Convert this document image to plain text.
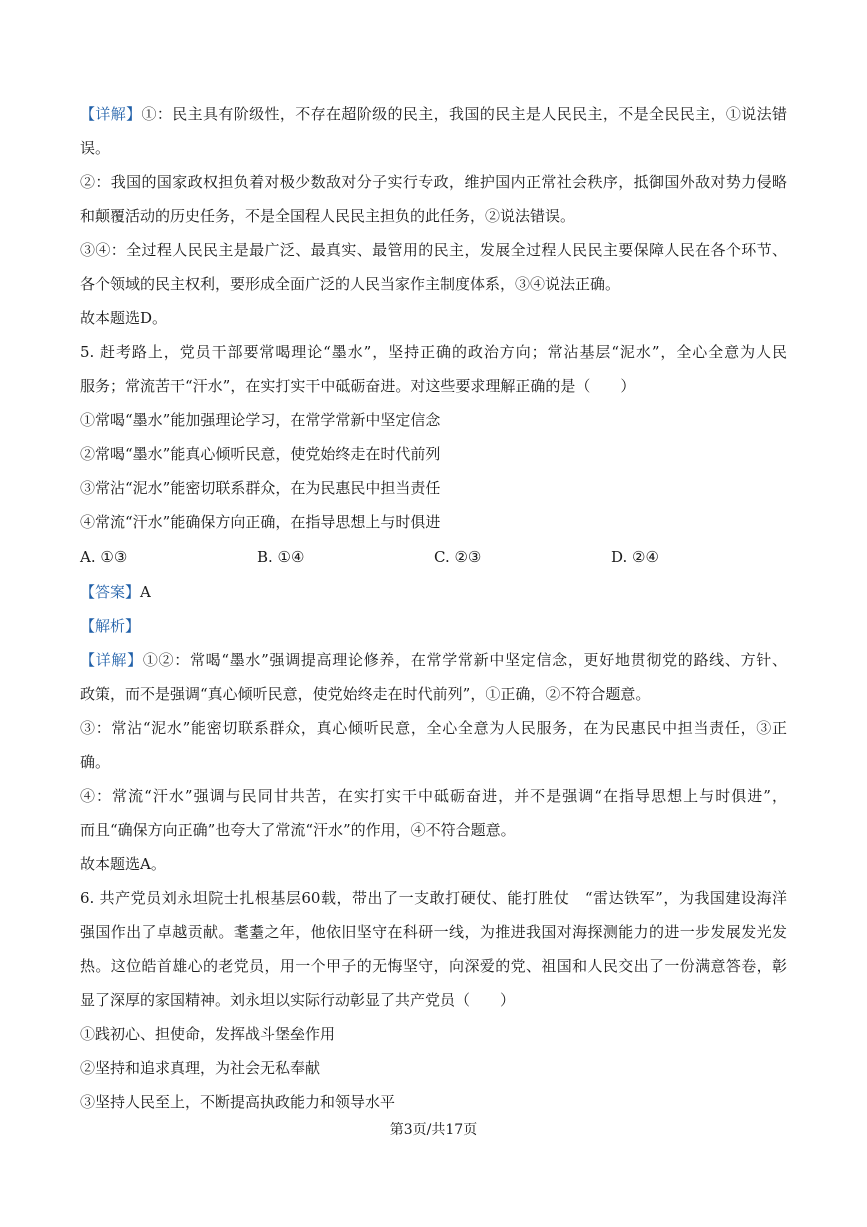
【详解】①：民主具有阶级性，不存在超阶级的民主，我国的民主是人民民主，不是全民民主，①说法错
误。
②：我国的国家政权担负着对极少数敌对分子实行专政，维护国内正常社会秩序，抵御国外敌对势力侵略
和颠覆活动的历史任务，不是全国程人民民主担负的此任务，②说法错误。
③④：全过程人民民主是最广泛、最真实、最管用的民主，发展全过程人民民主要保障人民在各个环节、
各个领域的民主权利，要形成全面广泛的人民当家作主制度体系，③④说法正确。
故本题选D。
5. 赶考路上，党员干部要常喝理论“墨水”，坚持正确的政治方向；常沾基层“泥水”，全心全意为人民
服务；常流苦干“汗水”，在实打实干中砥砺奋进。对这些要求理解正确的是（　　）
①常喝“墨水”能加强理论学习，在常学常新中坚定信念
②常喝“墨水”能真心倾听民意，使党始终走在时代前列
③常沾“泥水”能密切联系群众，在为民惠民中担当责任
④常流“汗水”能确保方向正确，在指导思想上与时俱进
A. ①③	B. ①④	C. ②③	D. ②④
【答案】A
【解析】
【详解】①②：常喝“墨水”强调提高理论修养，在常学常新中坚定信念，更好地贯彻党的路线、方针、
政策，而不是强调“真心倾听民意，使党始终走在时代前列”，①正确，②不符合题意。
③：常沾“泥水”能密切联系群众，真心倾听民意，全心全意为人民服务，在为民惠民中担当责任，③正
确。
④：常流“汗水”强调与民同甘共苦，在实打实干中砥砺奋进，并不是强调“在指导思想上与时俱进”，
而且“确保方向正确”也夸大了常流“汗水”的作用，④不符合题意。
故本题选A。
6. 共产党员刘永坦院士扎根基层60载，带出了一支敢打硬仗、能打胜仗　“雷达铁军”，为我国建设海洋
强国作出了卓越贡献。耄耋之年，他依旧坚守在科研一线，为推进我国对海探测能力的进一步发展发光发
热。这位皓首雄心的老党员，用一个甲子的无悔坚守，向深爱的党、祖国和人民交出了一份满意答卷，彰
显了深厚的家国精神。刘永坦以实际行动彰显了共产党员（　　）
①践初心、担使命，发挥战斗堡垒作用
②坚持和追求真理，为社会无私奉献
③坚持人民至上，不断提高执政能力和领导水平
第3页/共17页
